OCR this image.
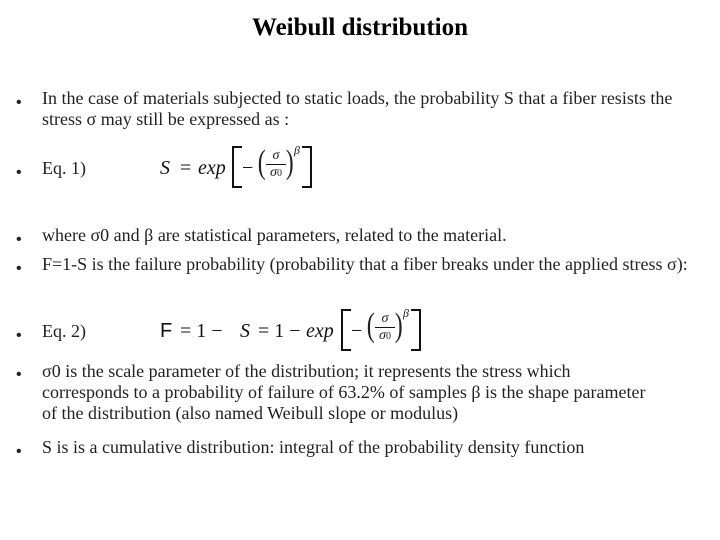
Weibull distribution
• In the case of materials subjected to static loads, the probability S that a fiber resists the stress σ may still be expressed as :
• Eq. 1)	S = exp − ( σ
σ0 ) β
• where σ0 and β are statistical parameters, related to the material.
• F=1-S is the failure probability (probability that a fiber breaks under the applied stress σ):
• Eq. 2)	F = 1 − S = 1 − exp − ( σ
σ0 ) β
• σ0 is the scale parameter of the distribution; it represents the stress which corresponds to a probability of failure of 63.2% of samples β is the shape parameter of the distribution (also named Weibull slope or modulus)
• S is is a cumulative distribution: integral of the probability density function
